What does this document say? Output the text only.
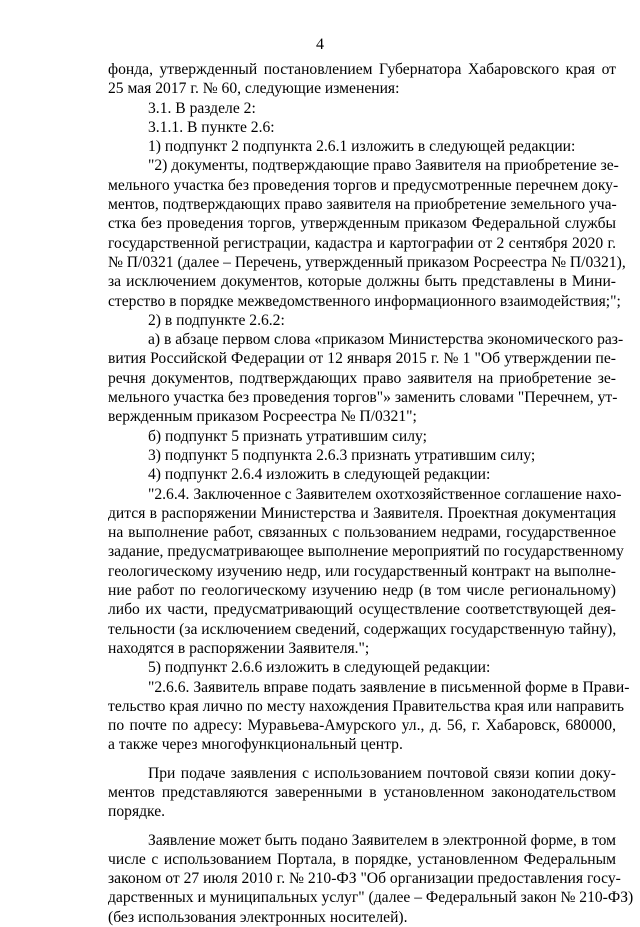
4
фонда, утвержденный постановлением Губернатора Хабаровского края от
25 мая 2017 г. № 60, следующие изменения:
3.1. В разделе 2:
3.1.1. В пункте 2.6:
1) подпункт 2 подпункта 2.6.1 изложить в следующей редакции:
"2) документы, подтверждающие право Заявителя на приобретение зе-
мельного участка без проведения торгов и предусмотренные перечнем доку-
ментов, подтверждающих право заявителя на приобретение земельного уча-
стка без проведения торгов, утвержденным приказом Федеральной службы
государственной регистрации, кадастра и картографии от 2 сентября 2020 г.
№ П/0321 (далее – Перечень, утвержденный приказом Росреестра № П/0321),
за исключением документов, которые должны быть представлены в Мини-
стерство в порядке межведомственного информационного взаимодействия;";
2) в подпункте 2.6.2:
а) в абзаце первом слова «приказом Министерства экономического раз-
вития Российской Федерации от 12 января 2015 г. № 1 "Об утверждении пе-
речня документов, подтверждающих право заявителя на приобретение зе-
мельного участка без проведения торгов"» заменить словами "Перечнем, ут-
вержденным приказом Росреестра № П/0321";
б) подпункт 5 признать утратившим силу;
3) подпункт 5 подпункта 2.6.3 признать утратившим силу;
4) подпункт 2.6.4 изложить в следующей редакции:
"2.6.4. Заключенное с Заявителем охотхозяйственное соглашение нахо-
дится в распоряжении Министерства и Заявителя. Проектная документация
на выполнение работ, связанных с пользованием недрами, государственное
задание, предусматривающее выполнение мероприятий по государственному
геологическому изучению недр, или государственный контракт на выполне-
ние работ по геологическому изучению недр (в том числе региональному)
либо их части, предусматривающий осуществление соответствующей дея-
тельности (за исключением сведений, содержащих государственную тайну),
находятся в распоряжении Заявителя.";
5) подпункт 2.6.6 изложить в следующей редакции:
"2.6.6. Заявитель вправе подать заявление в письменной форме в Прави-
тельство края лично по месту нахождения Правительства края или направить
по почте по адресу: Муравьева-Амурского ул., д. 56, г. Хабаровск, 680000,
а также через многофункциональный центр.
При подаче заявления с использованием почтовой связи копии доку-
ментов представляются заверенными в установленном законодательством
порядке.
Заявление может быть подано Заявителем в электронной форме, в том
числе с использованием Портала, в порядке, установленном Федеральным
законом от 27 июля 2010 г. № 210-ФЗ "Об организации предоставления госу-
дарственных и муниципальных услуг" (далее – Федеральный закон № 210-ФЗ)
(без использования электронных носителей).
